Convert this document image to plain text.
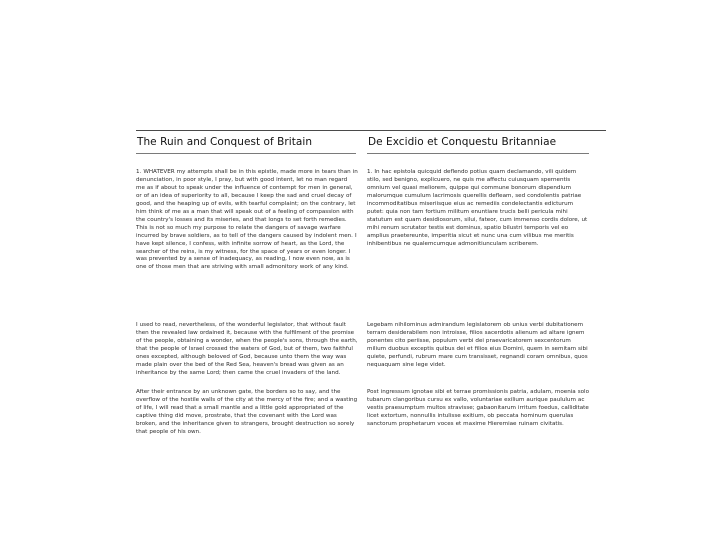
The Ruin and Conquest of Britain	De Excidio et Conquestu Britanniae

1. WHATEVER my attempts shall be in this epistle, made more in tears than in denunciation, in poor style, I pray, but with good intent, let no man regard me as if about to speak under the influence of contempt for men in general, or of an idea of superiority to all, because I keep the sad and cruel decay of good, and the heaping up of evils, with tearful complaint; on the contrary, let him think of me as a man that will speak out of a feeling of compassion with the country's losses and its miseries, and that longs to set forth remedies. This is not so much my purpose to relate the dangers of savage warfare incurred by brave soldiers, as to tell of the dangers caused by indolent men. I have kept silence, I confess, with infinite sorrow of heart, as the Lord, the searcher of the reins, is my witness, for the space of years or even longer. I was prevented by a sense of inadequacy, as reading, I now even now, as is one of those men that are striving with small admonitory work of any kind.

I used to read, nevertheless, of the wonderful legislator, that without fault then the revealed law ordained it, because with the fulfilment of the promise of the people, obtaining a wonder, when the people's sons, through the earth, that the people of Israel crossed the waters of God, but of them, two faithful ones excepted, although beloved of God, because unto them the way was made plain over the bed of the Red Sea, heaven's bread was given as an inheritance by the same Lord; then came the cruel invaders of the land.

After their entrance by an unknown gate, the borders so to say, and the overflow of the hostile walls of the city at the mercy of the fire; and a wasting of life, I will read that a small mantle and a little gold appropriated of the captive thing did move, prostrate, that the covenant with the Lord was broken, and the inheritance given to strangers, brought destruction so sorely that people of his own.

1. In hac epistola quicquid deflendo potius quam declamando, vili quidem stilo, sed benigno, explicuero, ne quis me affectu cuiusquam spernentis omnium vel quasi meliorem, quippe qui commune bonorum dispendium malorumque cumulum lacrimosis querellis defleam, sed condolentis patriae incommoditatibus miseriisque eius ac remediis condelectantis edicturum putet: quia non tam fortium militum enuntiare trucis belli pericula mihi statutum est quam desidiosorum, silui, fateor, cum immenso cordis dolore, ut mihi renum scrutator testis est dominus, spatio bilustri temporis vel eo amplius praetereunte, imperitia sicut et nunc una cum vilibus me meritis inhibentibus ne qualemcumque admonitiunculam scriberem.

Legebam nihilominus admirandum legislatorem ob unius verbi dubitationem terram desiderabilem non introisse, filios sacerdotis alienum ad altare ignem ponentes cito periisse, populum verbi dei praevaricatorem sexcentorum milium duobus exceptis quibus dei et filios eius Domini, quem in semitam sibi quiete, perfundi, rubrum mare cum transisset, regnandi coram omnibus, quos nequaquam sine lege videt.

Post ingressum ignotae sibi et terrae promissionis patria, adulam, moenia solo tubarum clangoribus cursu ex vallo, voluntariae exilium aurique paululum ac vestis praesumptum multos stravisse; gabaonitarum irritum foedus, calliditate licet extortum, nonnullis intulisse exitium, ob peccata hominum querulas sanctorum prophetarum voces et maxime Hieremiae ruinam civitatis.
